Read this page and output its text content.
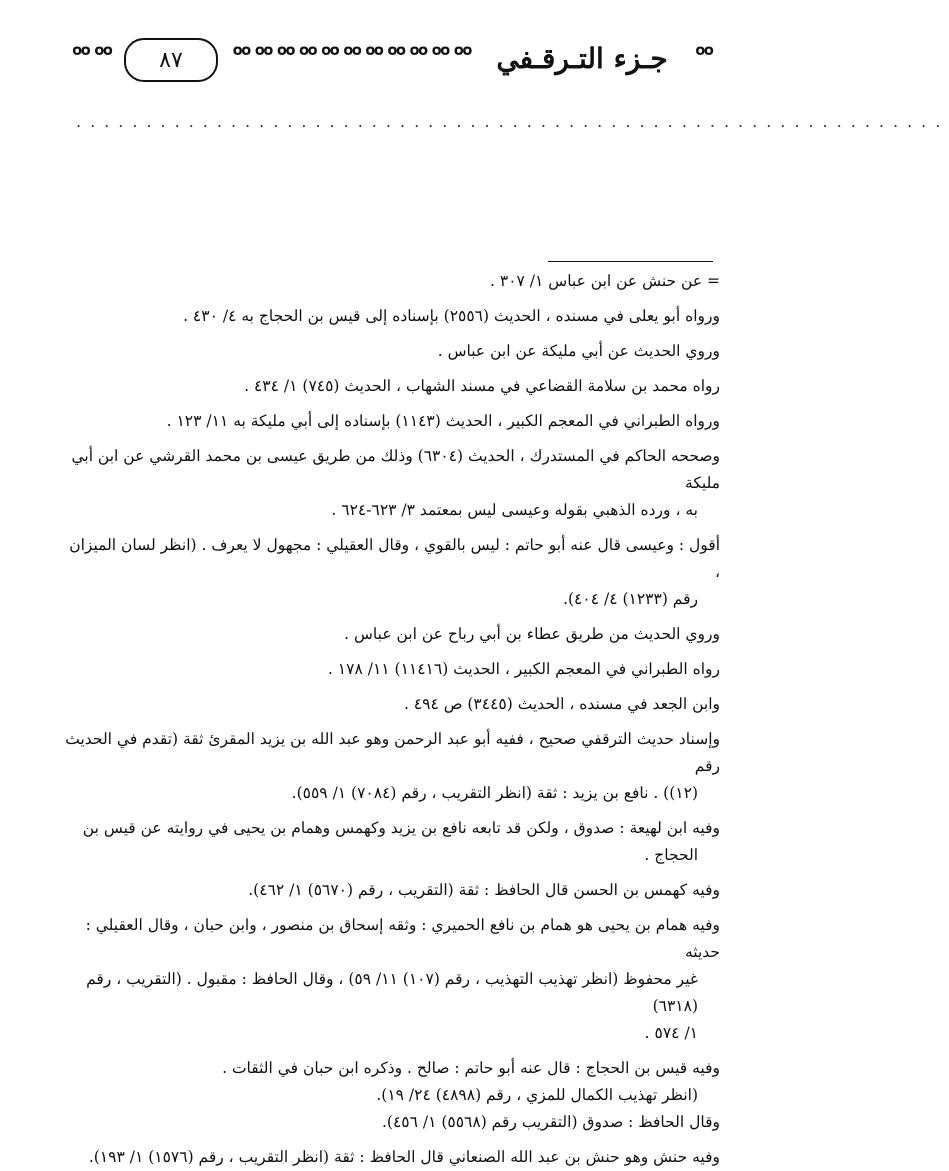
ᅇᅇ	٨٧	ᅇᅇᅇᅇᅇᅇᅇᅇᅇᅇᅇ جـزء التـرقـفي ᅇ
..............................................................

= عن حنش عن ابن عباس ١/ ٣٠٧ .

ورواه أبو يعلى في مسنده ، الحديث (٢٥٥٦) بإسناده إلى قيس بن الحجاج به ٤/ ٤٣٠ .

وروي الحديث عن أبي مليكة عن ابن عباس .

رواه محمد بن سلامة القضاعي في مسند الشهاب ، الحديث (٧٤٥) ١/ ٤٣٤ .

ورواه الطبراني في المعجم الكبير ، الحديث (١١٤٣) بإسناده إلى أبي مليكة به ١١/ ١٢٣ .

وصححه الحاكم في المستدرك ، الحديث (٦٣٠٤) وذلك من طريق عيسى بن محمد القرشي عن ابن أبي مليكة

به ، ورده الذهبي بقوله وعيسى ليس بمعتمد ٣/ ٦٢٣-٦٢٤ .

أقول : وعيسى قال عنه أبو حاتم : ليس بالقوي ، وقال العقيلي : مجهول لا يعرف . (انظر لسان الميزان ،

رقم (١٢٣٣) ٤/ ٤٠٤).

وروي الحديث من طريق عطاء بن أبي رباح عن ابن عباس .

رواه الطبراني في المعجم الكبير ، الحديث (١١٤١٦) ١١/ ١٧٨ .

وابن الجعد في مسنده ، الحديث (٣٤٤٥) ص ٤٩٤ .

وإسناد حديث الترقفي صحيح ، ففيه أبو عبد الرحمن وهو عبد الله بن يزيد المقرئ ثقة (تقدم في الحديث رقم

(١٢)) . نافع بن يزيد : ثقة (انظر التقريب ، رقم (٧٠٨٤) ١/ ٥٥٩).

وفيه ابن لهيعة : صدوق ، ولكن قد تابعه نافع بن يزيد وكهمس وهمام بن يحيى في روايته عن قيس بن

الحجاج .

وفيه كهمس بن الحسن قال الحافظ : ثقة (التقريب ، رقم (٥٦٧٠) ١/ ٤٦٢).

وفيه همام بن يحيى هو همام بن نافع الحميري : وثقه إسحاق بن منصور ، وابن حبان ، وقال العقيلي : حديثه

غير محفوظ (انظر تهذيب التهذيب ، رقم (١٠٧) ١١/ ٥٩) ، وقال الحافظ : مقبول . (التقريب ، رقم (٦٣١٨)

١/ ٥٧٤ .

وفيه قيس بن الحجاج : قال عنه أبو حاتم : صالح . وذكره ابن حبان في الثقات .

(انظر تهذيب الكمال للمزي ، رقم (٤٨٩٨) ٢٤/ ١٩).

وقال الحافظ : صدوق (التقريب رقم (٥٥٦٨) ١/ ٤٥٦).

وفيه حنش وهو حنش بن عبد الله الصنعاني قال الحافظ : ثقة (انظر التقريب ، رقم (١٥٧٦) ١/ ١٩٣).
